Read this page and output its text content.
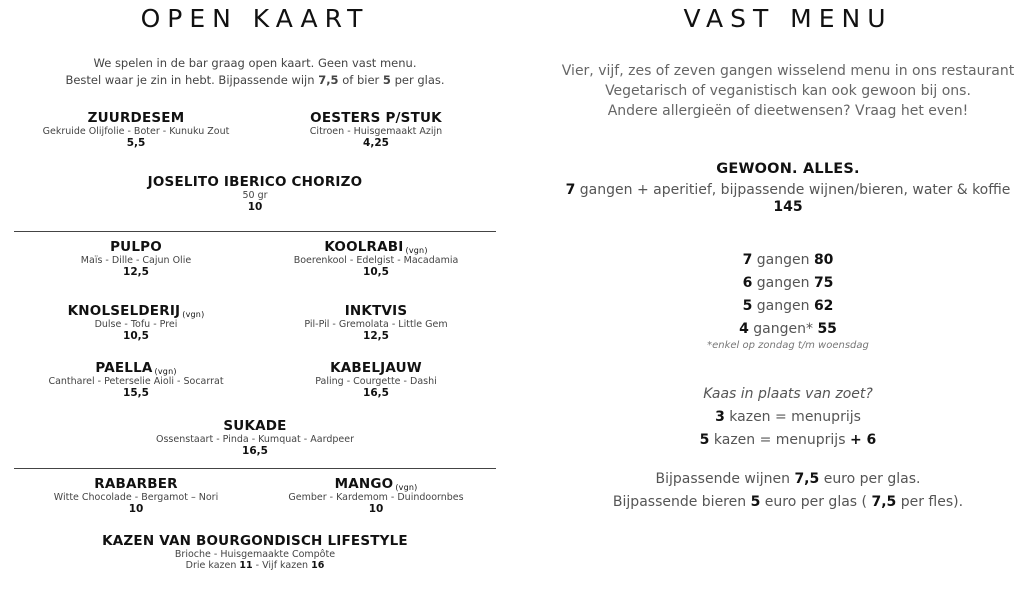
OPEN KAART
We spelen in de bar graag open kaart. Geen vast menu.
Bestel waar je zin in hebt. Bijpassende wijn 7,5 of bier 5 per glas.
ZUURDESEM
Gekruide Olijfolie - Boter - Kunuku Zout
5,5
OESTERS P/STUK
Citroen - Huisgemaakt Azijn
4,25
JOSELITO IBERICO CHORIZO
50 gr
10
PULPO
Maïs - Dille - Cajun Olie
12,5
KOOLRABI $_{(vgn)}$
Boerenkool - Edelgist - Macadamia
10,5
KNOLSELDERIJ $_{(vgn)}$
Dulse - Tofu - Prei
10,5
INKTVIS
Pil-Pil - Gremolata - Little Gem
12,5
PAELLA $_{(vgn)}$
Cantharel - Peterselie Aioli - Socarrat
15,5
KABELJAUW
Paling - Courgette - Dashi
16,5
SUKADE
Ossenstaart - Pinda - Kumquat - Aardpeer
16,5
RABARBER
Witte Chocolade - Bergamot – Nori
10
MANGO $_{(vgn)}$
Gember - Kardemom - Duindoornbes
10
KAZEN VAN BOURGONDISCH LIFESTYLE
Brioche - Huisgemaakte Compôte
Drie kazen 11 - Vijf kazen 16
VAST MENU
Vier, vijf, zes of zeven gangen wisselend menu in ons restaurant
Vegetarisch of veganistisch kan ook gewoon bij ons.
Andere allergieën of dieetwensen? Vraag het even!
GEWOON. ALLES.
7 gangen + aperitief, bijpassende wijnen/bieren, water & koffie
145
7 gangen 80
6 gangen 75
5 gangen 62
4 gangen* 55
*enkel op zondag t/m woensdag
Kaas in plaats van zoet?
3 kazen = menuprijs
5 kazen = menuprijs + 6
Bijpassende wijnen 7,5 euro per glas.
Bijpassende bieren 5 euro per glas ( 7,5 per fles).
